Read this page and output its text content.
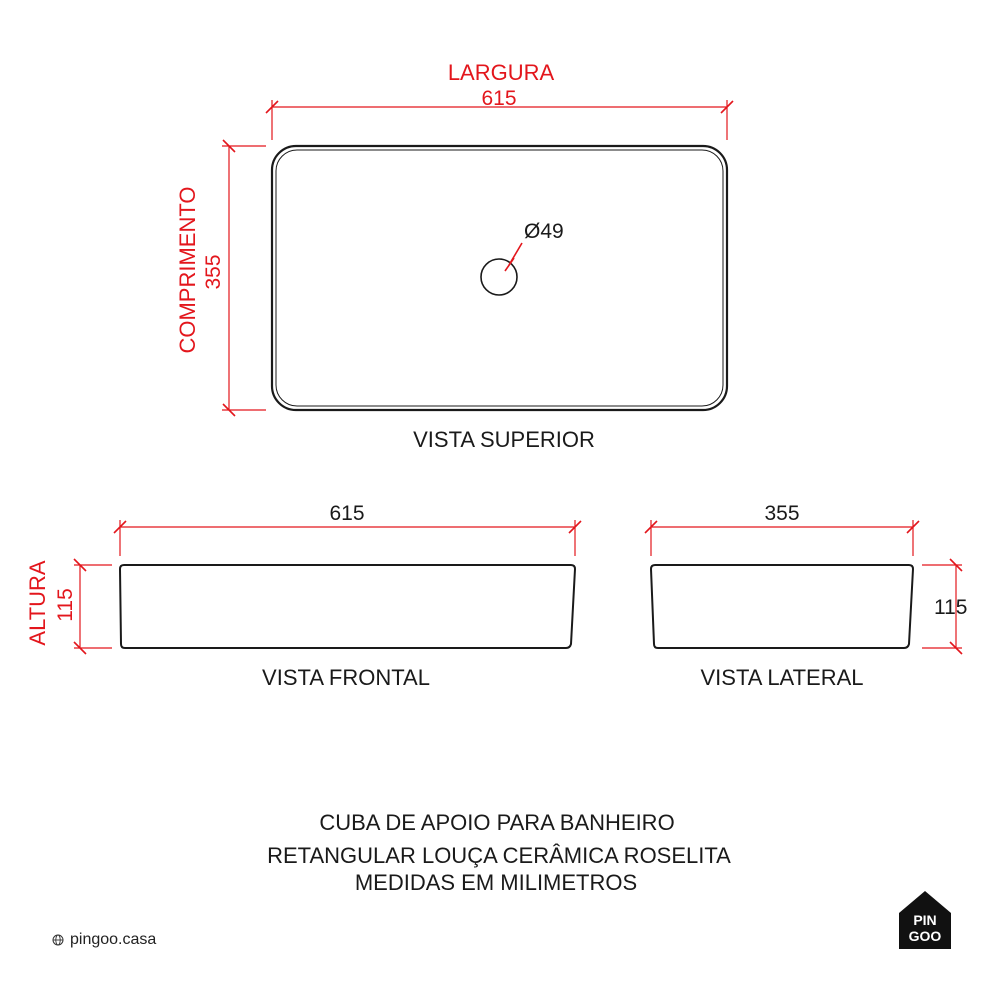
Ø49
LARGURA
615
COMPRIMENTO 355
VISTA SUPERIOR
615
ALTURA 115
VISTA FRONTAL
355
115
VISTA LATERAL
CUBA DE APOIO PARA BANHEIRO
RETANGULAR LOUÇA CERÂMICA ROSELITA
MEDIDAS EM MILIMETROS
pingoo.casa
PIN
GOO
